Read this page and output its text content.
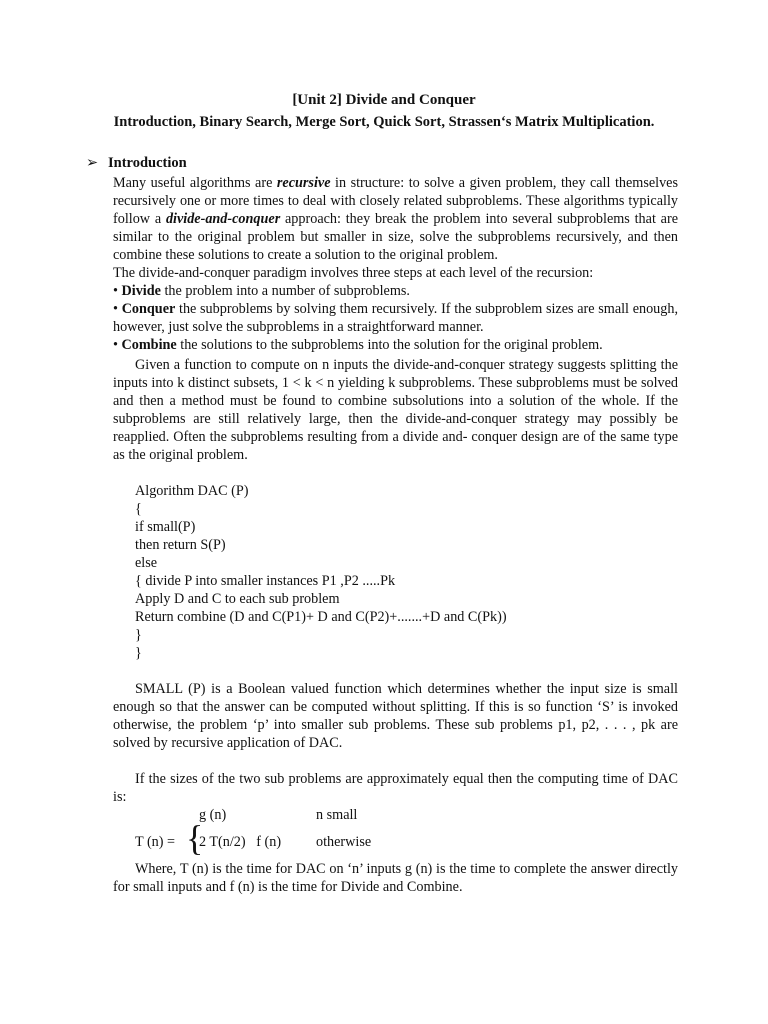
[Unit 2] Divide and Conquer
Introduction, Binary Search, Merge Sort, Quick Sort, Strassen‘s Matrix Multiplication.
➢ Introduction

Many useful algorithms are recursive in structure: to solve a given problem, they call themselves recursively one or more times to deal with closely related subproblems. These algorithms typically follow a divide-and-conquer approach: they break the problem into several subproblems that are similar to the original problem but smaller in size, solve the subproblems recursively, and then combine these solutions to create a solution to the original problem.

The divide-and-conquer paradigm involves three steps at each level of the recursion:

• Divide the problem into a number of subproblems.

• Conquer the subproblems by solving them recursively. If the subproblem sizes are small enough, however, just solve the subproblems in a straightforward manner.

• Combine the solutions to the subproblems into the solution for the original problem.

Given a function to compute on n inputs the divide-and-conquer strategy suggests splitting the inputs into k distinct subsets, 1 < k < n yielding k subproblems. These subproblems must be solved and then a method must be found to combine subsolutions into a solution of the whole. If the subproblems are still relatively large, then the divide-and-conquer strategy may possibly be reapplied. Often the subproblems resulting from a divide and- conquer design are of the same type as the original problem.

Algorithm DAC (P)
{
if small(P)
then return S(P)
else
{ divide P into smaller instances P1 ,P2 .....Pk
Apply D and C to each sub problem
Return combine (D and C(P1)+ D and C(P2)+.......+D and C(Pk))
}
}

SMALL (P) is a Boolean valued function which determines whether the input size is small enough so that the answer can be computed without splitting. If this is so function ‘S’ is invoked otherwise, the problem ‘p’ into smaller sub problems. These sub problems p1, p2, . . . , pk are solved by recursive application of DAC.

If the sizes of the two sub problems are approximately equal then the computing time of DAC is:

g (n)	n small
T (n) = {
2 T(n/2)   f (n) otherwise

Where, T (n) is the time for DAC on ‘n’ inputs g (n) is the time to complete the answer directly for small inputs and f (n) is the time for Divide and Combine.
